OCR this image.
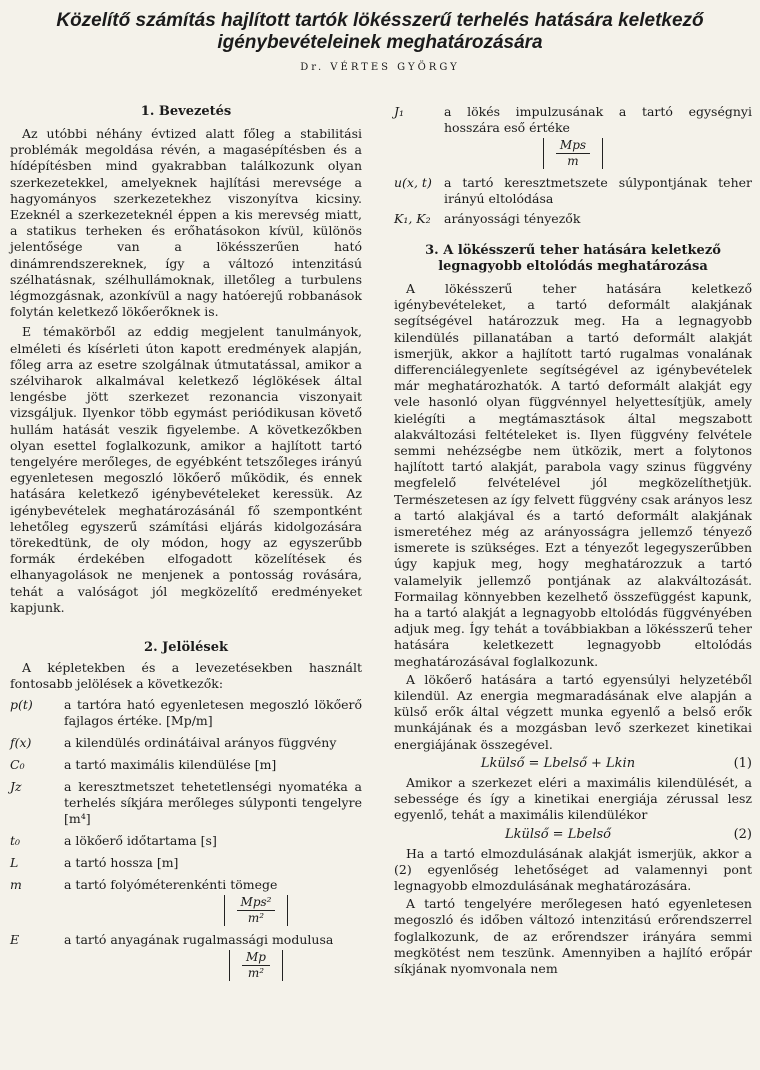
Közelítő számítás hajlított tartók lökésszerű terhelés hatására keletkező igénybevételeinek meghatározására
Dr. VÉRTES GYÖRGY
1. Bevezetés

Az utóbbi néhány évtized alatt főleg a stabilitási problémák megoldása révén, a magasépítésben és a hídépítésben mind gyakrabban találkozunk olyan szerkezetekkel, amelyeknek hajlítási merevsége a hagyományos szerkezetekhez viszonyítva kicsiny. Ezeknél a szerkezeteknél éppen a kis merevség miatt, a statikus terheken és erőhatásokon kívül, különös jelentősége van a lökésszerűen ható dinámrendszereknek, így a változó intenzitású szélhatásnak, szélhullámoknak, illetőleg a turbulens légmozgásnak, azonkívül a nagy hatóerejű robbanások folytán keletkező lökőerőknek is.

E témakörből az eddig megjelent tanulmányok, elméleti és kísérleti úton kapott eredmények alapján, főleg arra az esetre szolgálnak útmutatással, amikor a szélviharok alkalmával keletkező léglökések által lengésbe jött szerkezet rezonancia viszonyait vizsgáljuk. Ilyenkor több egymást periódikusan követő hullám hatását veszik figyelembe. A következőkben olyan esettel foglalkozunk, amikor a hajlított tartó tengelyére merőleges, de egyébként tetszőleges irányú egyenletesen megoszló lökőerő működik, és ennek hatására keletkező igénybevételeket keressük. Az igénybevételek meghatározásánál fő szempontként lehetőleg egyszerű számítási eljárás kidolgozására törekedtünk, de oly módon, hogy az egyszerűbb formák érdekében elfogadott közelítések és elhanyagolások ne menjenek a pontosság rovására, tehát a valóságot jól megközelítő eredményeket kapjunk.

2. Jelölések

A képletekben és a levezetésekben használt fontosabb jelölések a következők:

p(t)	a tartóra ható egyenletesen megoszló lökőerő fajlagos értéke. [Mp/m]
f(x)	a kilendülés ordinátáival arányos függvény
C₀	a tartó maximális kilendülése [m]
Jz	a keresztmetszet tehetetlenségi nyomatéka a terhelés síkjára merőleges súlyponti tengelyre [m⁴]
t₀	a lökőerő időtartama [s]
L	a tartó hossza [m]
m	a tartó folyóméterenkénti tömege
$\frac{\text{Mps²}}{\text{m²}}$
E	a tartó anyagának rugalmassági modulusa
$\frac{Mp}{\text{m²}}$
J₁	a lökés impulzusának a tartó egységnyi hosszára eső értéke
$\frac{\text{Mps}}{m}$
u(x, t) a tartó keresztmetszete súlypontjának teher irányú eltolódása
K₁, K₂	arányossági tényezők
3. A lökésszerű teher hatására keletkező legnagyobb eltolódás meghatározása

A lökésszerű teher hatására keletkező igénybevételeket, a tartó deformált alakjának segítségével határozzuk meg. Ha a legnagyobb kilendülés pillanatában a tartó deformált alakját ismerjük, akkor a hajlított tartó rugalmas vonalának differenciálegyenlete segítségével az igénybevételek már meghatározhatók. A tartó deformált alakját egy vele hasonló olyan függvénnyel helyettesítjük, amely kielégíti a megtámasztások által megszabott alakváltozási feltételeket is. Ilyen függvény felvétele semmi nehézségbe nem ütközik, mert a folytonos hajlított tartó alakját, parabola vagy szinus függvény megfelelő felvételével jól megközelíthetjük. Természetesen az így felvett függvény csak arányos lesz a tartó alakjával és a tartó deformált alakjának ismeretéhez még az arányosságra jellemző tényező ismerete is szükséges. Ezt a tényezőt legegyszerűbben úgy kapjuk meg, hogy meghatározzuk a tartó valamelyik jellemző pontjának az alakváltozását. Formailag könnyebben kezelhető összefüggést kapunk, ha a tartó alakját a legnagyobb eltolódás függvényében adjuk meg. Így tehát a továbbiakban a lökésszerű teher hatására keletkezett legnagyobb eltolódás meghatározásával foglalkozunk.

A lökőerő hatására a tartó egyensúlyi helyzetéből kilendül. Az energia megmaradásának elve alapján a külső erők által végzett munka egyenlő a belső erők munkájának és a mozgásban levő szerkezet kinetikai energiájának összegével.

Lkülső = Lbelső + Lkin	(1)

Amikor a szerkezet eléri a maximális kilendülését, a sebessége és így a kinetikai energiája zérussal lesz egyenlő, tehát a maximális kilendülékor

Lkülső = Lbelső	(2)

Ha a tartó elmozdulásának alakját ismerjük, akkor a (2) egyenlőség lehetőséget ad valamennyi pont legnagyobb elmozdulásának meghatározására.

A tartó tengelyére merőlegesen ható egyenletesen megoszló és időben változó intenzitású erőrendszerrel foglalkozunk, de az erőrendszer irányára semmi megkötést nem teszünk. Amennyiben a hajlító erőpár síkjának nyomvonala nem
